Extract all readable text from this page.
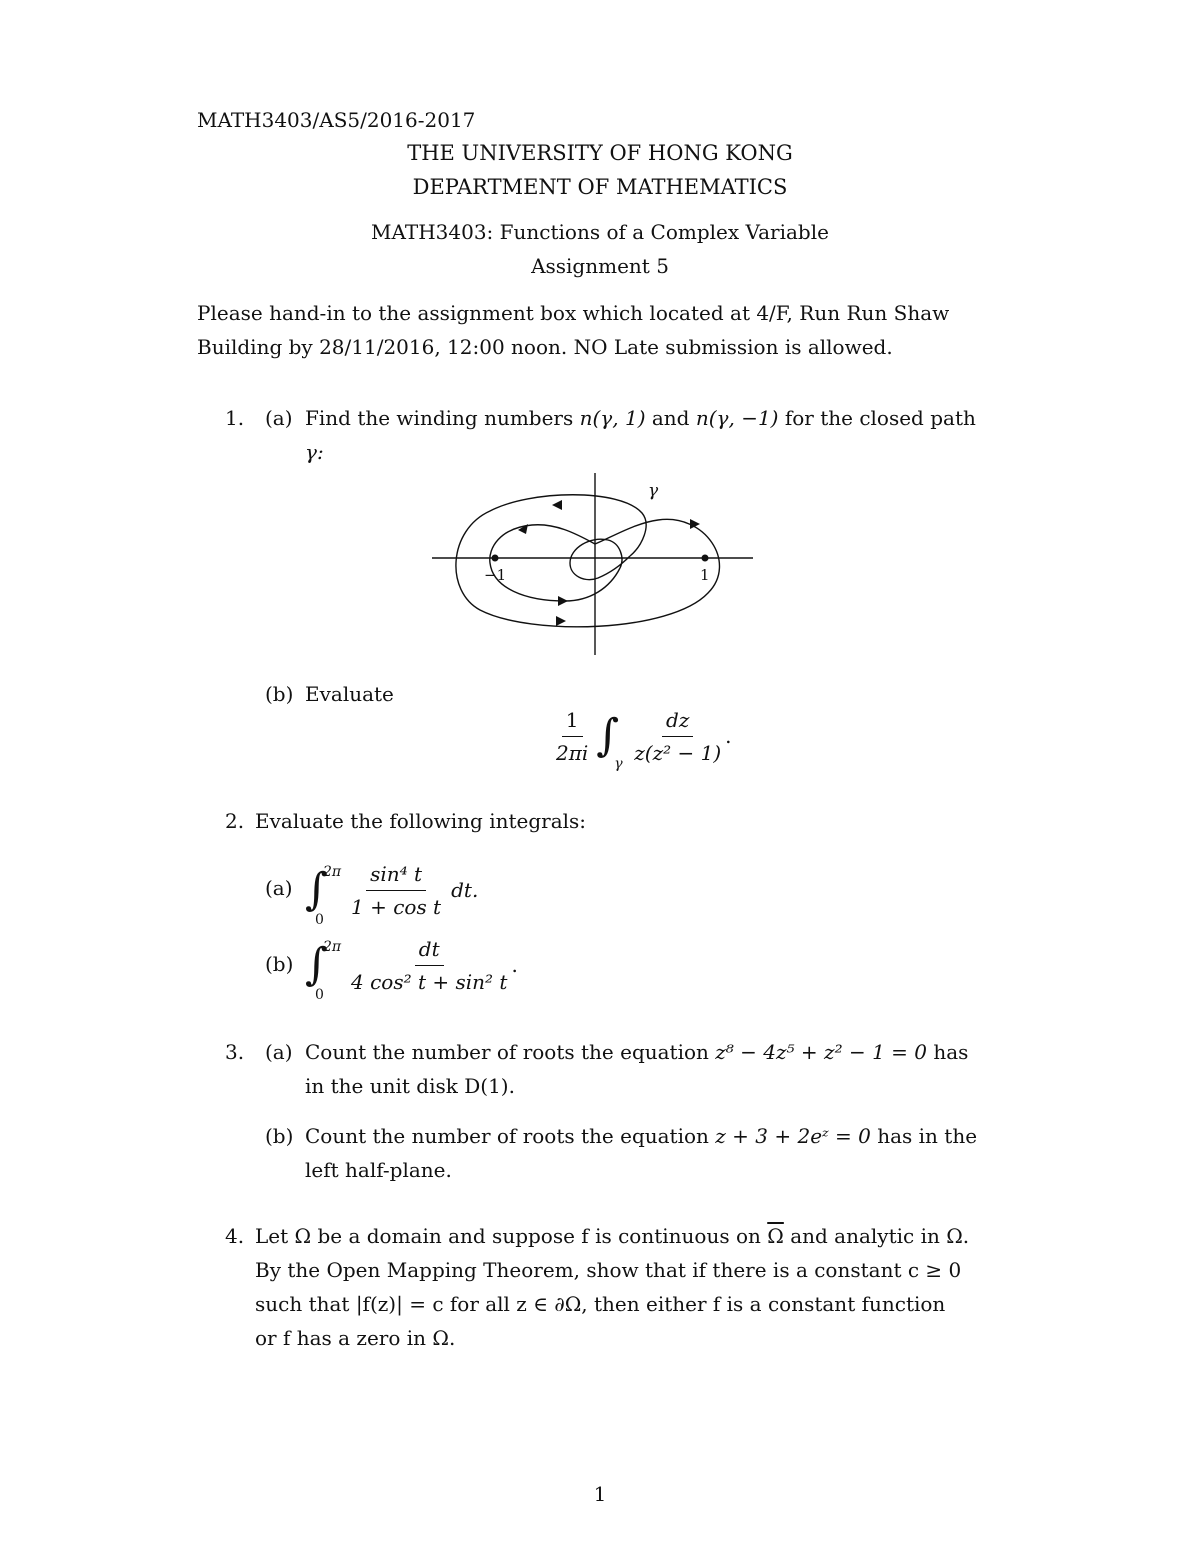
MATH3403/AS5/2016-2017
THE UNIVERSITY OF HONG KONG
DEPARTMENT OF MATHEMATICS
MATH3403: Functions of a Complex Variable
Assignment 5
Please hand-in to the assignment box which located at 4/F, Run Run Shaw
Building by 28/11/2016, 12:00 noon. NO Late submission is allowed.
1. (a) Find the winding numbers n(γ, 1) and n(γ, −1) for the closed path
γ:
γ
−1	1
(b) Evaluate
$\frac{1}{2\pi i}$ ∫
γ $\frac{dz}{\text{z(z² − 1)}}$ .
2. Evaluate the following integrals:
(a) ∫
2π
0
$\frac{\text{sin⁴ t}}{\text{1 + cos t}}$ dt.
(b) ∫
2π
0
$\frac{dt}{\text{4 cos² t + sin² t}}$ .
3. (a) Count the number of roots the equation z⁸ − 4z⁵ + z² − 1 = 0 has
in the unit disk D(1).
(b) Count the number of roots the equation z + 3 + 2eᶻ = 0 has in the
left half-plane.
4. Let Ω be a domain and suppose f is continuous on $\overline{\Omega}$ and analytic in Ω.
By the Open Mapping Theorem, show that if there is a constant c ≥ 0
such that |f(z)| = c for all z ∈ ∂Ω, then either f is a constant function
or f has a zero in Ω.
1
